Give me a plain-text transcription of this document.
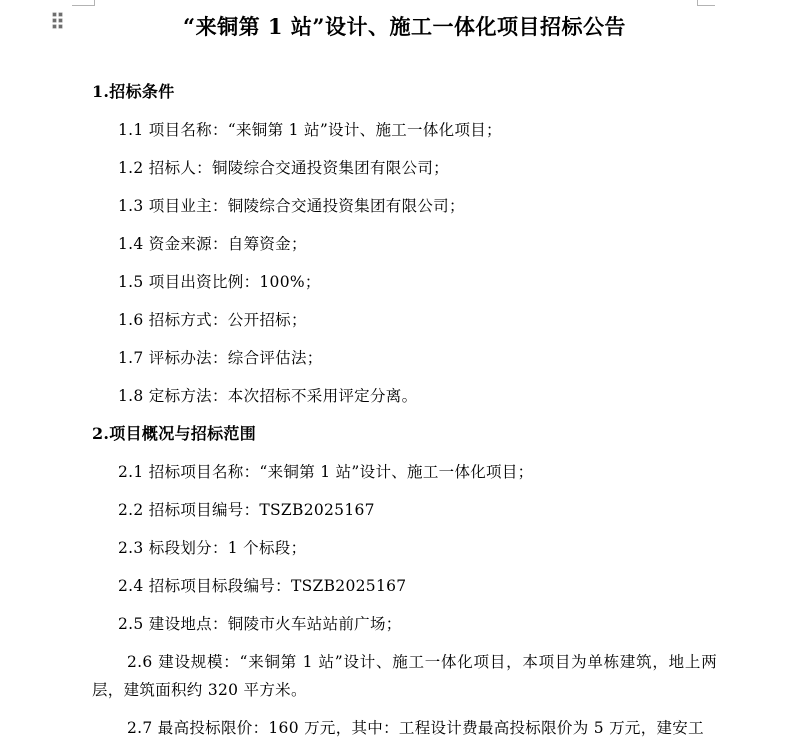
“来铜第 1 站”设计、施工一体化项目招标公告

1.招标条件

1.1 项目名称：“来铜第 1 站”设计、施工一体化项目；

1.2 招标人：铜陵综合交通投资集团有限公司；

1.3 项目业主：铜陵综合交通投资集团有限公司；

1.4 资金来源：自筹资金；

1.5 项目出资比例：100%；

1.6 招标方式：公开招标；

1.7 评标办法：综合评估法；

1.8 定标方法：本次招标不采用评定分离。

2.项目概况与招标范围

2.1 招标项目名称：“来铜第 1 站”设计、施工一体化项目；

2.2 招标项目编号：TSZB2025167

2.3 标段划分：1 个标段；

2.4 招标项目标段编号：TSZB2025167

2.5 建设地点：铜陵市火车站站前广场；

2.6 建设规模：“来铜第 1 站”设计、施工一体化项目，本项目为单栋建筑，地上两层，建筑面积约 320 平方米。

2.7 最高投标限价：160 万元，其中：工程设计费最高投标限价为 5 万元，建安工
